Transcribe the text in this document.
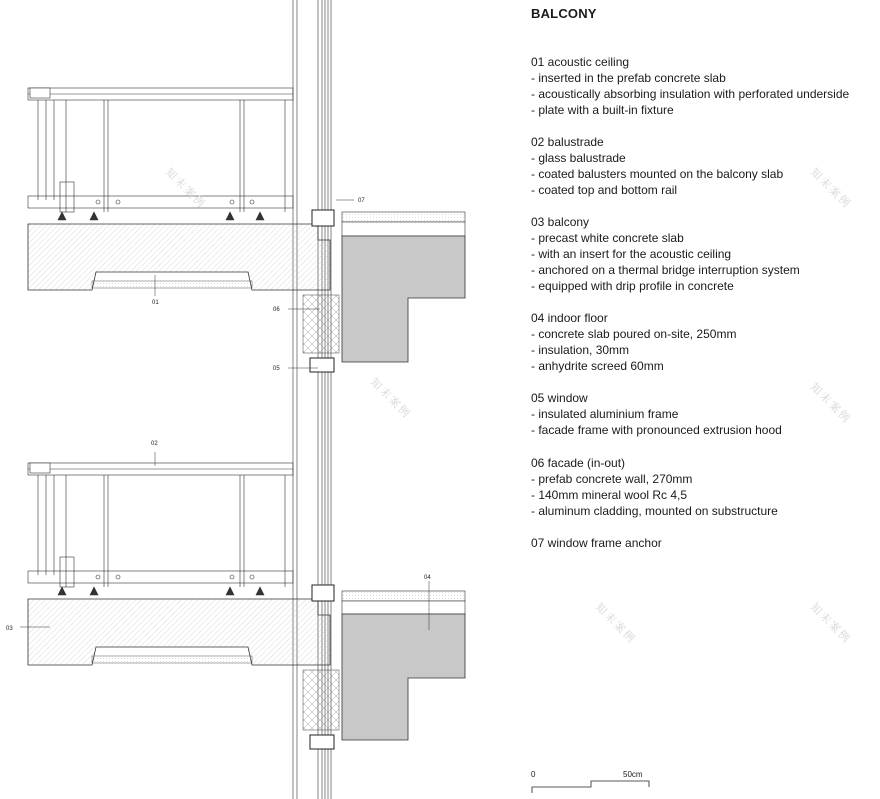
01
07
06
05
02
03
04
知末案例
知末案例
知末案例
知末案例
知末案例
知末案例
BALCONY
01 acoustic ceiling
- inserted in the prefab concrete slab
- acoustically absorbing insulation with perforated underside
- plate with a built-in fixture
02 balustrade
- glass balustrade
- coated balusters mounted on the balcony slab
- coated top and bottom rail
03 balcony
- precast white concrete slab
- with an insert for the acoustic ceiling
- anchored on a thermal bridge interruption system
- equipped with drip profile in concrete
04 indoor floor
- concrete slab poured on-site, 250mm
- insulation, 30mm
- anhydrite screed 60mm
05 window
- insulated aluminium frame
- facade frame with pronounced extrusion hood
06 facade (in-out)
- prefab concrete wall, 270mm
- 140mm mineral wool Rc 4,5
- aluminum cladding, mounted on substructure
07 window frame anchor
0	50cm
